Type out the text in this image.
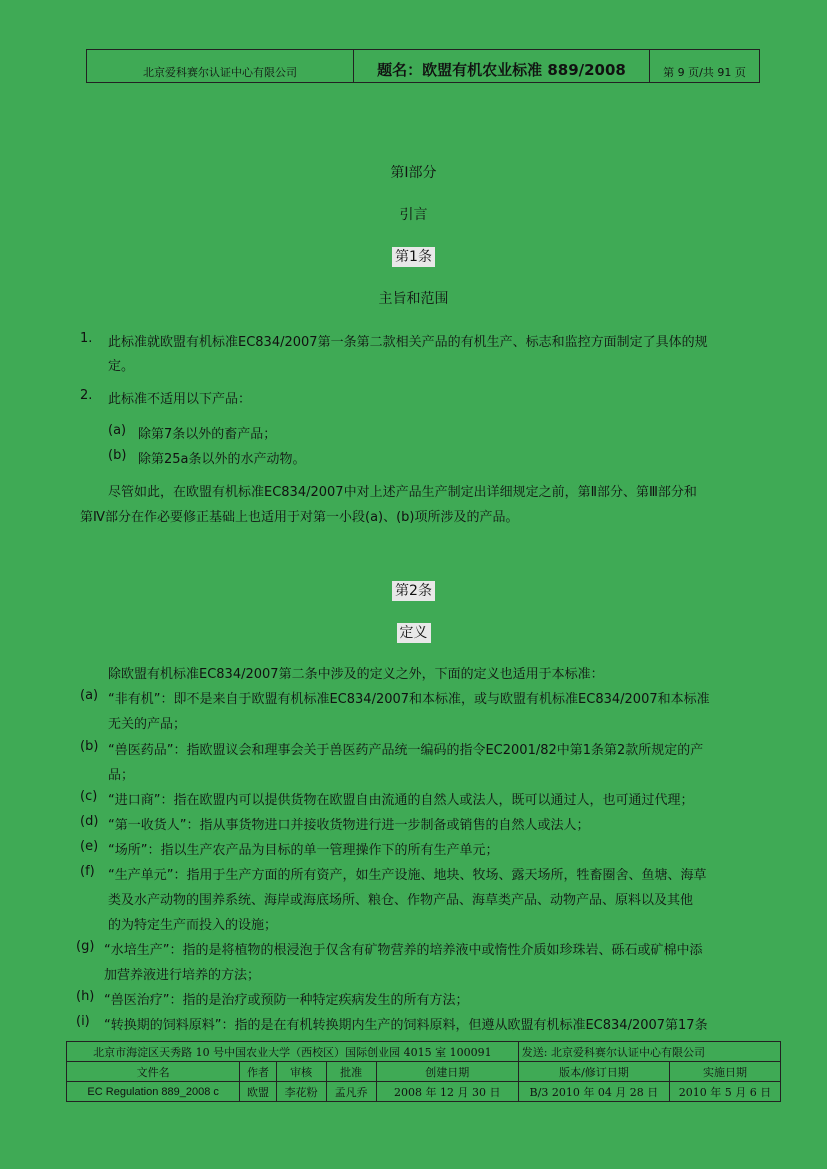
北京爱科赛尔认证中心有限公司	题名：欧盟有机农业标准 889/2008	第 9 页/共 91 页
第Ⅰ部分
引言
第1条
主旨和范围
1. 此标准就欧盟有机标准EC834/2007第一条第二款相关产品的有机生产、标志和监控方面制定了具体的规
定。
2. 此标准不适用以下产品：
(a) 除第7条以外的畜产品；
(b) 除第25a条以外的水产动物。
尽管如此，在欧盟有机标准EC834/2007中对上述产品生产制定出详细规定之前，第Ⅱ部分、第Ⅲ部分和
第Ⅳ部分在作必要修正基础上也适用于对第一小段(a)、(b)项所涉及的产品。
第2条
定义
除欧盟有机标准EC834/2007第二条中涉及的定义之外，下面的定义也适用于本标准：
(a) “非有机”：即不是来自于欧盟有机标准EC834/2007和本标准，或与欧盟有机标准EC834/2007和本标准
无关的产品；
(b) “兽医药品”：指欧盟议会和理事会关于兽医药产品统一编码的指令EC2001/82中第1条第2款所规定的产
品；
(c) “进口商”：指在欧盟内可以提供货物在欧盟自由流通的自然人或法人，既可以通过人，也可通过代理；
(d) “第一收货人”：指从事货物进口并接收货物进行进一步制备或销售的自然人或法人；
(e) “场所”：指以生产农产品为目标的单一管理操作下的所有生产单元；
(f) “生产单元”：指用于生产方面的所有资产，如生产设施、地块、牧场、露天场所，牲畜圈舍、鱼塘、海草
类及水产动物的围养系统、海岸或海底场所、粮仓、作物产品、海草类产品、动物产品、原料以及其他
的为特定生产而投入的设施；
(g) “水培生产”：指的是将植物的根浸泡于仅含有矿物营养的培养液中或惰性介质如珍珠岩、砾石或矿棉中添
加营养液进行培养的方法；
(h) “兽医治疗”：指的是治疗或预防一种特定疾病发生的所有方法；
(i) “转换期的饲料原料”：指的是在有机转换期内生产的饲料原料，但遵从欧盟有机标准EC834/2007第17条
北京市海淀区天秀路 10 号中国农业大学（西校区）国际创业园 4015 室 100091					发送: 北京爱科赛尔认证中心有限公司	
文件名	作者	审核	批准	创建日期	版本/修订日期	实施日期
EC Regulation 889_2008 c	欧盟	李花粉	孟凡乔	2008 年 12 月 30 日	B/3 2010 年 04 月 28 日	2010 年 5 月 6 日
